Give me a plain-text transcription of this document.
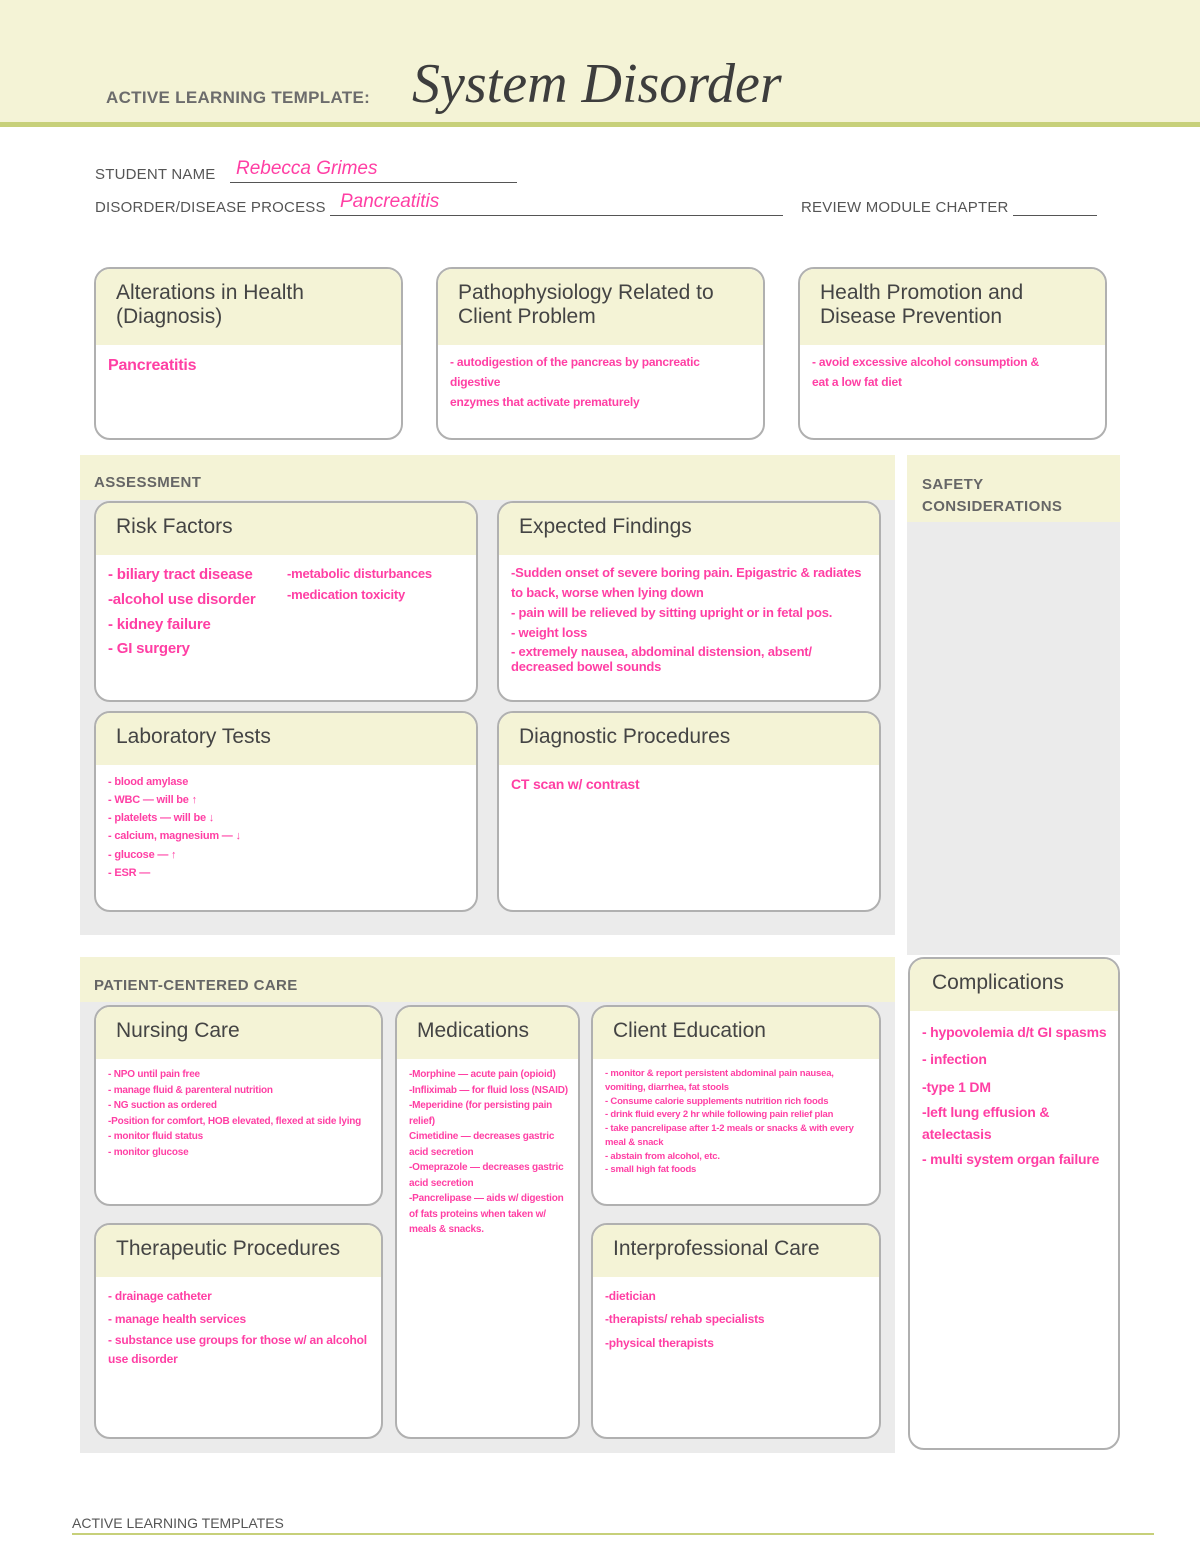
ACTIVE LEARNING TEMPLATE: System Disorder
STUDENT NAME Rebecca Grimes
DISORDER/DISEASE PROCESS Pancreatitis	REVIEW MODULE CHAPTER
Alterations in Health (Diagnosis)
Pancreatitis
Pathophysiology Related to Client Problem
- autodigestion of the pancreas by pancreatic digestive
enzymes that activate prematurely
Health Promotion and Disease Prevention
- avoid excessive alcohol consumption &
eat a low fat diet
ASSESSMENT
Risk Factors
- biliary tract disease
-alcohol use disorder
- kidney failure
- GI surgery
-metabolic disturbances
-medication toxicity
Expected Findings
-Sudden onset of severe boring pain. Epigastric & radiates to back, worse when lying down
- pain will be relieved by sitting upright or in fetal pos.
- weight loss
- extremely nausea, abdominal distension, absent/ decreased bowel sounds
Laboratory Tests
- blood amylase
- WBC — will be ↑
- platelets — will be ↓
- calcium, magnesium — ↓
- glucose — ↑
- ESR —
Diagnostic Procedures
CT scan w/ contrast
SAFETY CONSIDERATIONS
Complications
- hypovolemia d/t GI spasms
- infection
-type 1 DM
-left lung effusion & atelectasis
- multi system organ failure
PATIENT-CENTERED CARE
Nursing Care
- NPO until pain free
- manage fluid & parenteral nutrition
- NG suction as ordered
-Position for comfort, HOB elevated, flexed at side lying
- monitor fluid status
- monitor glucose
Medications
-Morphine — acute pain (opioid)
-Infliximab — for fluid loss (NSAID)
-Meperidine (for persisting pain relief)
Cimetidine — decreases gastric acid secretion
-Omeprazole — decreases gastric acid secretion
-Pancrelipase — aids w/ digestion of fats proteins when taken w/ meals & snacks.
Client Education
- monitor & report persistent abdominal pain nausea, vomiting, diarrhea, fat stools
- Consume calorie supplements nutrition rich foods
- drink fluid every 2 hr while following pain relief plan
- take pancrelipase after 1-2 meals or snacks & with every meal & snack
- abstain from alcohol, etc.
- small high fat foods
Therapeutic Procedures
- drainage catheter
- manage health services
- substance use groups for those w/ an alcohol use disorder
Interprofessional Care
-dietician
-therapists/ rehab specialists
-physical therapists
ACTIVE LEARNING TEMPLATES
